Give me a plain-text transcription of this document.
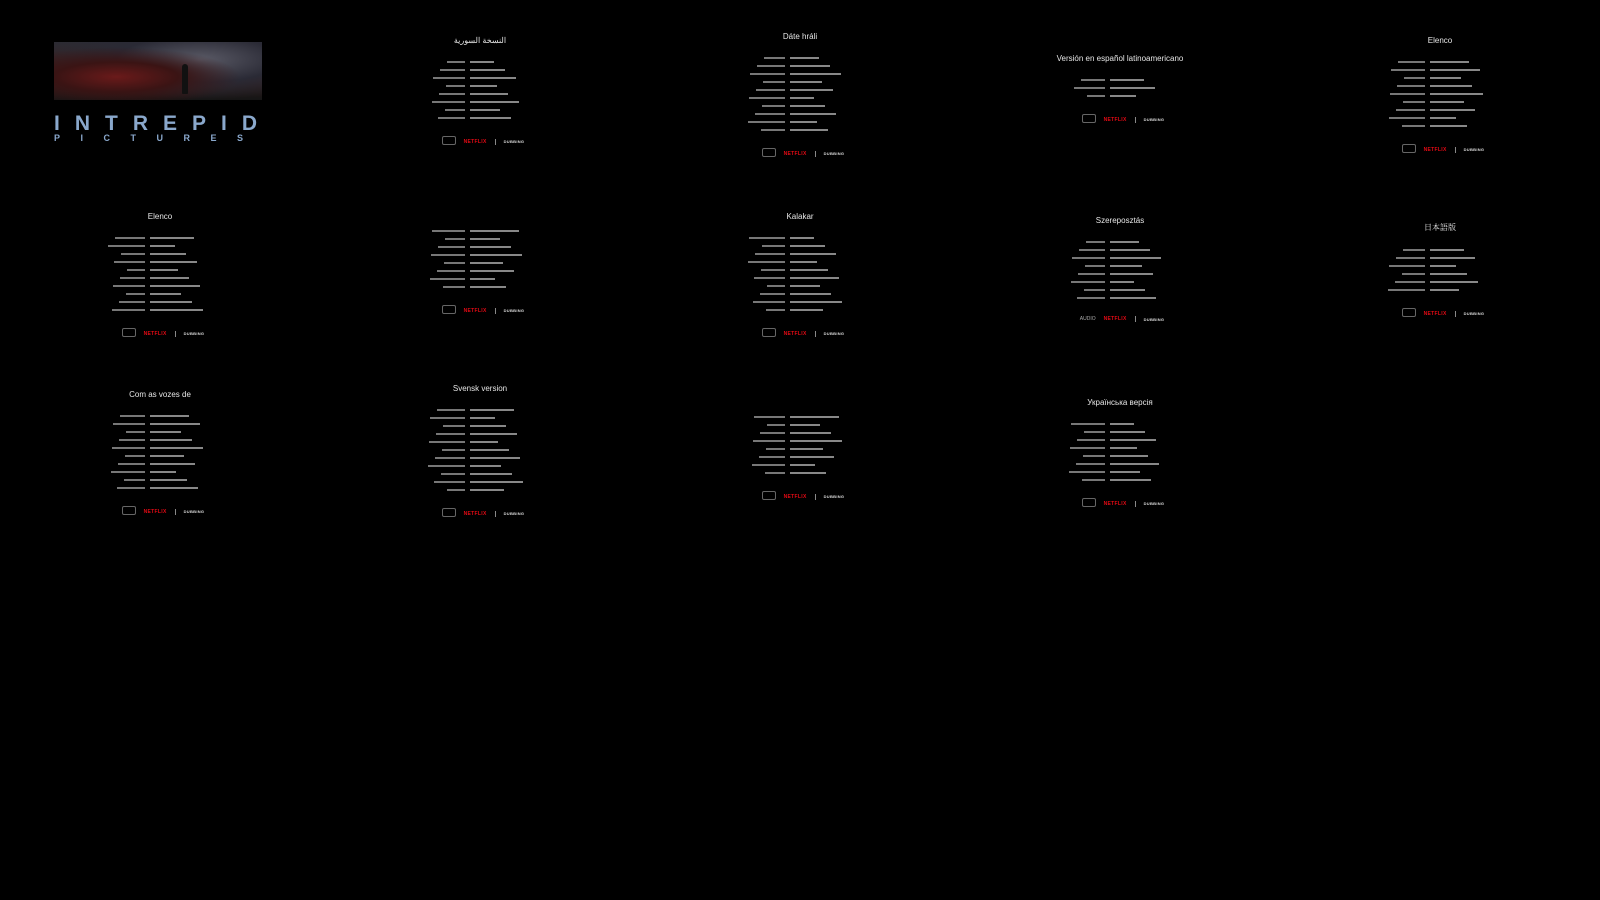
INTREPID
PICTURES
النسخة السورية
NETFLIX	DUBBING
Dáte hráli
NETFLIX	DUBBING
Versión en español latinoamericano
NETFLIX	DUBBING
Elenco
NETFLIX	DUBBING
Elenco
NETFLIX	DUBBING
NETFLIX	DUBBING
Kalakar
NETFLIX	DUBBING
Szereposztás
AUDIO NETFLIX	DUBBING
日本語版
NETFLIX	DUBBING
Com as vozes de
NETFLIX	DUBBING
Svensk version
NETFLIX	DUBBING
NETFLIX	DUBBING
Українська версія
NETFLIX	DUBBING
